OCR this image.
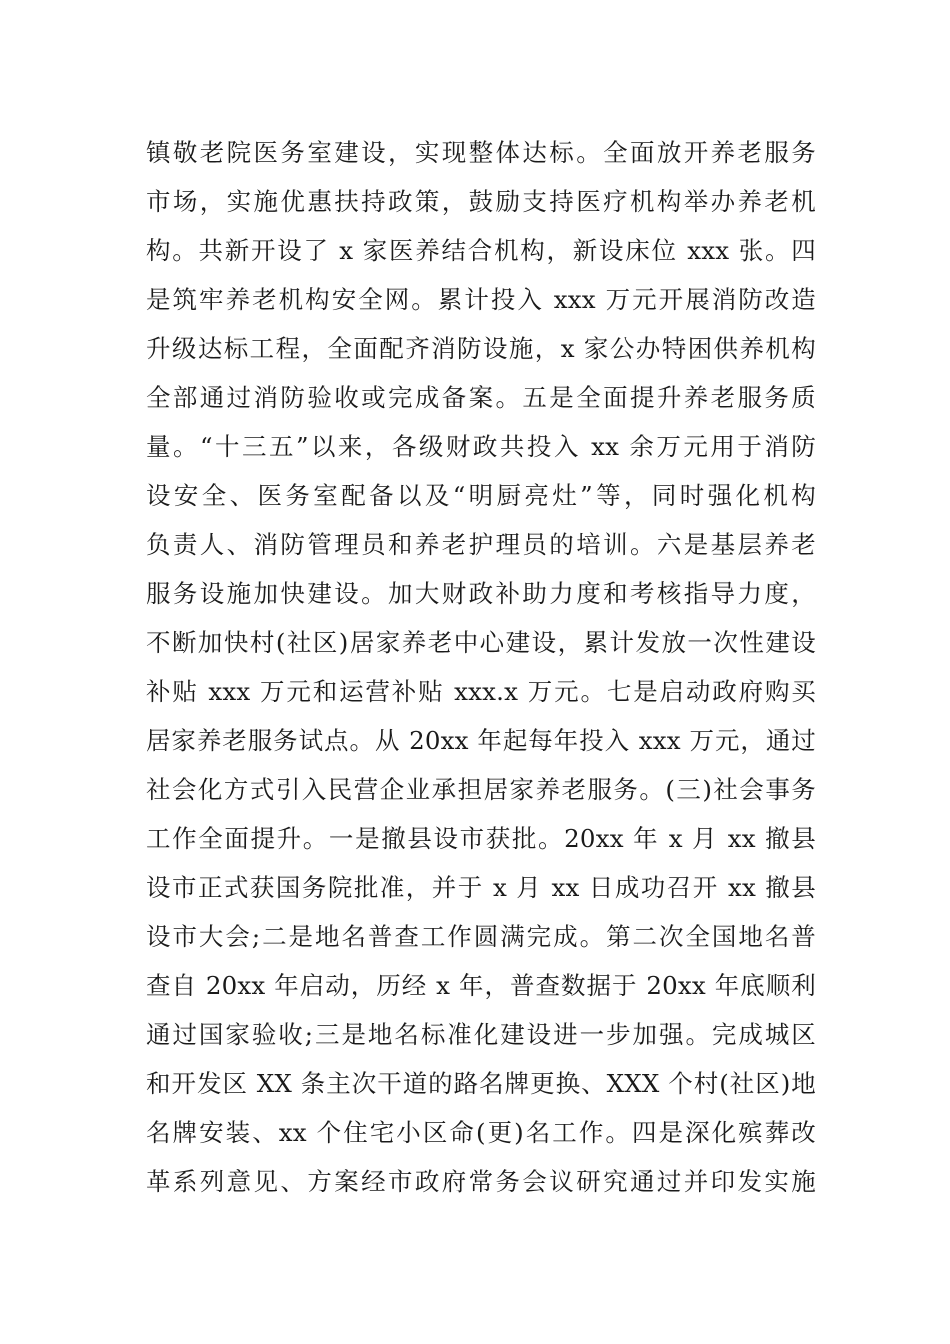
镇敬老院医务室建设，实现整体达标。全面放开养老服务
市场，实施优惠扶持政策，鼓励支持医疗机构举办养老机
构。共新开设了 x 家医养结合机构，新设床位 xxx 张。四
是筑牢养老机构安全网。累计投入 xxx 万元开展消防改造
升级达标工程，全面配齐消防设施，x 家公办特困供养机构
全部通过消防验收或完成备案。五是全面提升养老服务质
量。“十三五”以来，各级财政共投入 xx 余万元用于消防
设安全、医务室配备以及“明厨亮灶”等，同时强化机构
负责人、消防管理员和养老护理员的培训。六是基层养老
服务设施加快建设。加大财政补助力度和考核指导力度，
不断加快村(社区)居家养老中心建设，累计发放一次性建设
补贴 xxx 万元和运营补贴 xxx.x 万元。七是启动政府购买
居家养老服务试点。从 20xx 年起每年投入 xxx 万元，通过
社会化方式引入民营企业承担居家养老服务。(三)社会事务
工作全面提升。一是撤县设市获批。20xx 年 x 月 xx 撤县
设市正式获国务院批准，并于 x 月 xx 日成功召开 xx 撤县
设市大会;二是地名普查工作圆满完成。第二次全国地名普
查自 20xx 年启动，历经 x 年，普查数据于 20xx 年底顺利
通过国家验收;三是地名标准化建设进一步加强。完成城区
和开发区 XX 条主次干道的路名牌更换、XXX 个村(社区)地
名牌安装、xx 个住宅小区命(更)名工作。四是深化殡葬改
革系列意见、方案经市政府常务会议研究通过并印发实施
